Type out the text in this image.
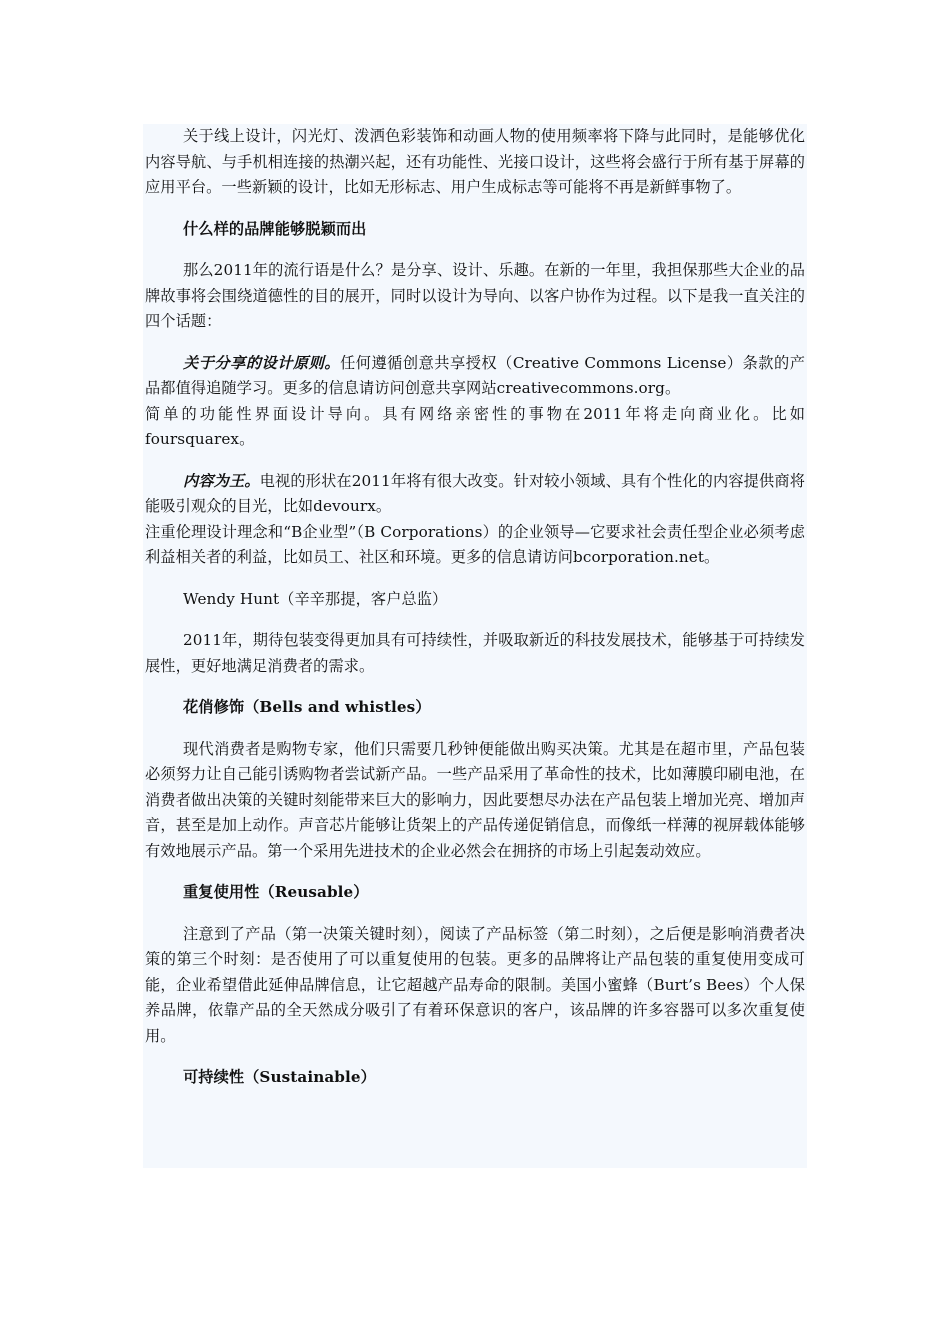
关于线上设计，闪光灯、泼洒色彩装饰和动画人物的使用频率将下降与此同时，是能够优化内容导航、与手机相连接的热潮兴起，还有功能性、光接口设计，这些将会盛行于所有基于屏幕的应用平台。一些新颖的设计，比如无形标志、用户生成标志等可能将不再是新鲜事物了。

什么样的品牌能够脱颖而出

那么2011年的流行语是什么？是分享、设计、乐趣。在新的一年里，我担保那些大企业的品牌故事将会围绕道德性的目的展开，同时以设计为导向、以客户协作为过程。以下是我一直关注的四个话题：

关于分享的设计原则。任何遵循创意共享授权（Creative Commons License）条款的产品都值得追随学习。更多的信息请访问创意共享网站creativecommons.org。

简单的功能性界面设计导向。具有网络亲密性的事物在2011年将走向商业化。比如foursquarex。

内容为王。电视的形状在2011年将有很大改变。针对较小领域、具有个性化的内容提供商将能吸引观众的目光，比如devourx。

注重伦理设计理念和“B企业型”（B Corporations）的企业领导—它要求社会责任型企业必须考虑利益相关者的利益，比如员工、社区和环境。更多的信息请访问bcorporation.net。

Wendy Hunt（辛辛那提，客户总监）

2011年，期待包装变得更加具有可持续性，并吸取新近的科技发展技术，能够基于可持续发展性，更好地满足消费者的需求。

花俏修饰（Bells and whistles）

现代消费者是购物专家，他们只需要几秒钟便能做出购买决策。尤其是在超市里，产品包装必须努力让自己能引诱购物者尝试新产品。一些产品采用了革命性的技术，比如薄膜印刷电池，在消费者做出决策的关键时刻能带来巨大的影响力，因此要想尽办法在产品包装上增加光亮、增加声音，甚至是加上动作。声音芯片能够让货架上的产品传递促销信息，而像纸一样薄的视屏载体能够有效地展示产品。第一个采用先进技术的企业必然会在拥挤的市场上引起轰动效应。

重复使用性（Reusable）

注意到了产品（第一决策关键时刻），阅读了产品标签（第二时刻），之后便是影响消费者决策的第三个时刻：是否使用了可以重复使用的包装。更多的品牌将让产品包装的重复使用变成可能，企业希望借此延伸品牌信息，让它超越产品寿命的限制。美国小蜜蜂（Burt’s Bees）个人保养品牌，依靠产品的全天然成分吸引了有着环保意识的客户，该品牌的许多容器可以多次重复使用。

可持续性（Sustainable）
